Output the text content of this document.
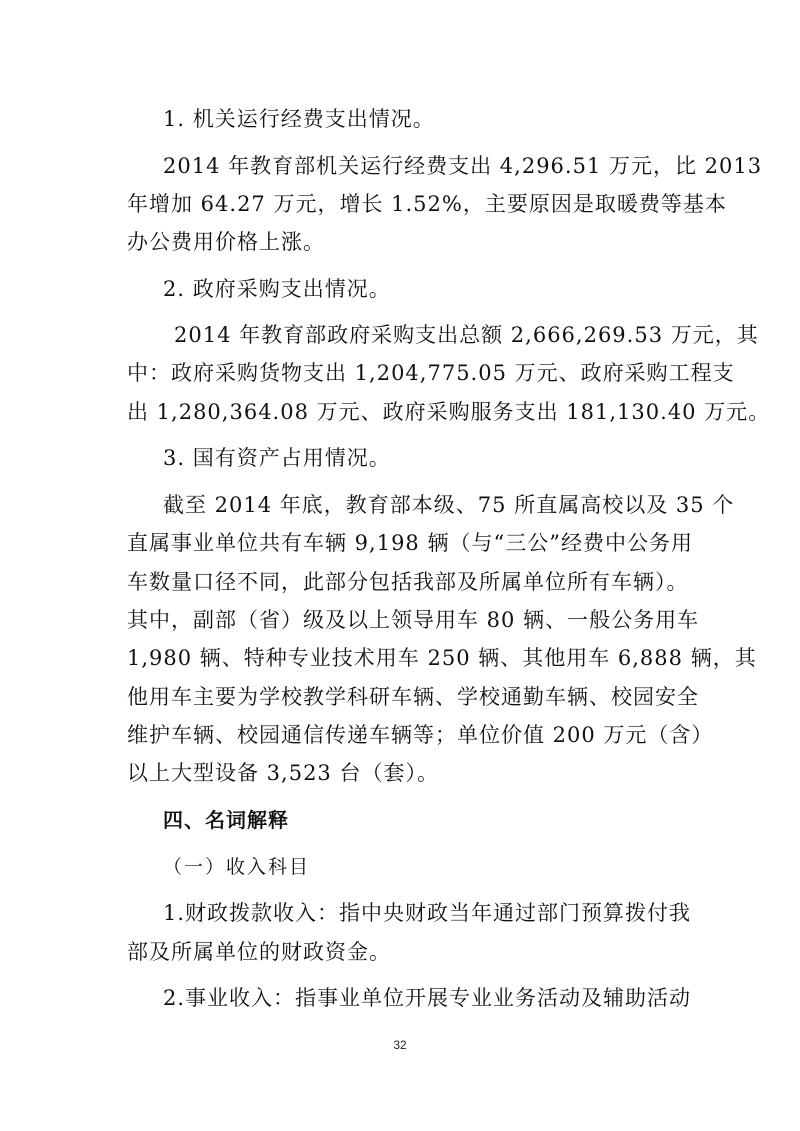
1. 机关运行经费支出情况。
2014 年教育部机关运行经费支出 4,296.51 万元，比 2013
年增加 64.27 万元，增长 1.52%，主要原因是取暖费等基本
办公费用价格上涨。
2. 政府采购支出情况。
2014 年教育部政府采购支出总额 2,666,269.53 万元，其
中：政府采购货物支出 1,204,775.05 万元、政府采购工程支
出 1,280,364.08 万元、政府采购服务支出 181,130.40 万元。
3. 国有资产占用情况。
截至 2014 年底，教育部本级、75 所直属高校以及 35 个
直属事业单位共有车辆 9,198 辆（与“三公”经费中公务用
车数量口径不同，此部分包括我部及所属单位所有车辆）。
其中，副部（省）级及以上领导用车 80 辆、一般公务用车
1,980 辆、特种专业技术用车 250 辆、其他用车 6,888 辆，其
他用车主要为学校教学科研车辆、学校通勤车辆、校园安全
维护车辆、校园通信传递车辆等；单位价值 200 万元（含）
以上大型设备 3,523 台（套）。
四、名词解释
（一）收入科目
1.财政拨款收入：指中央财政当年通过部门预算拨付我
部及所属单位的财政资金。
2.事业收入：指事业单位开展专业业务活动及辅助活动
32
